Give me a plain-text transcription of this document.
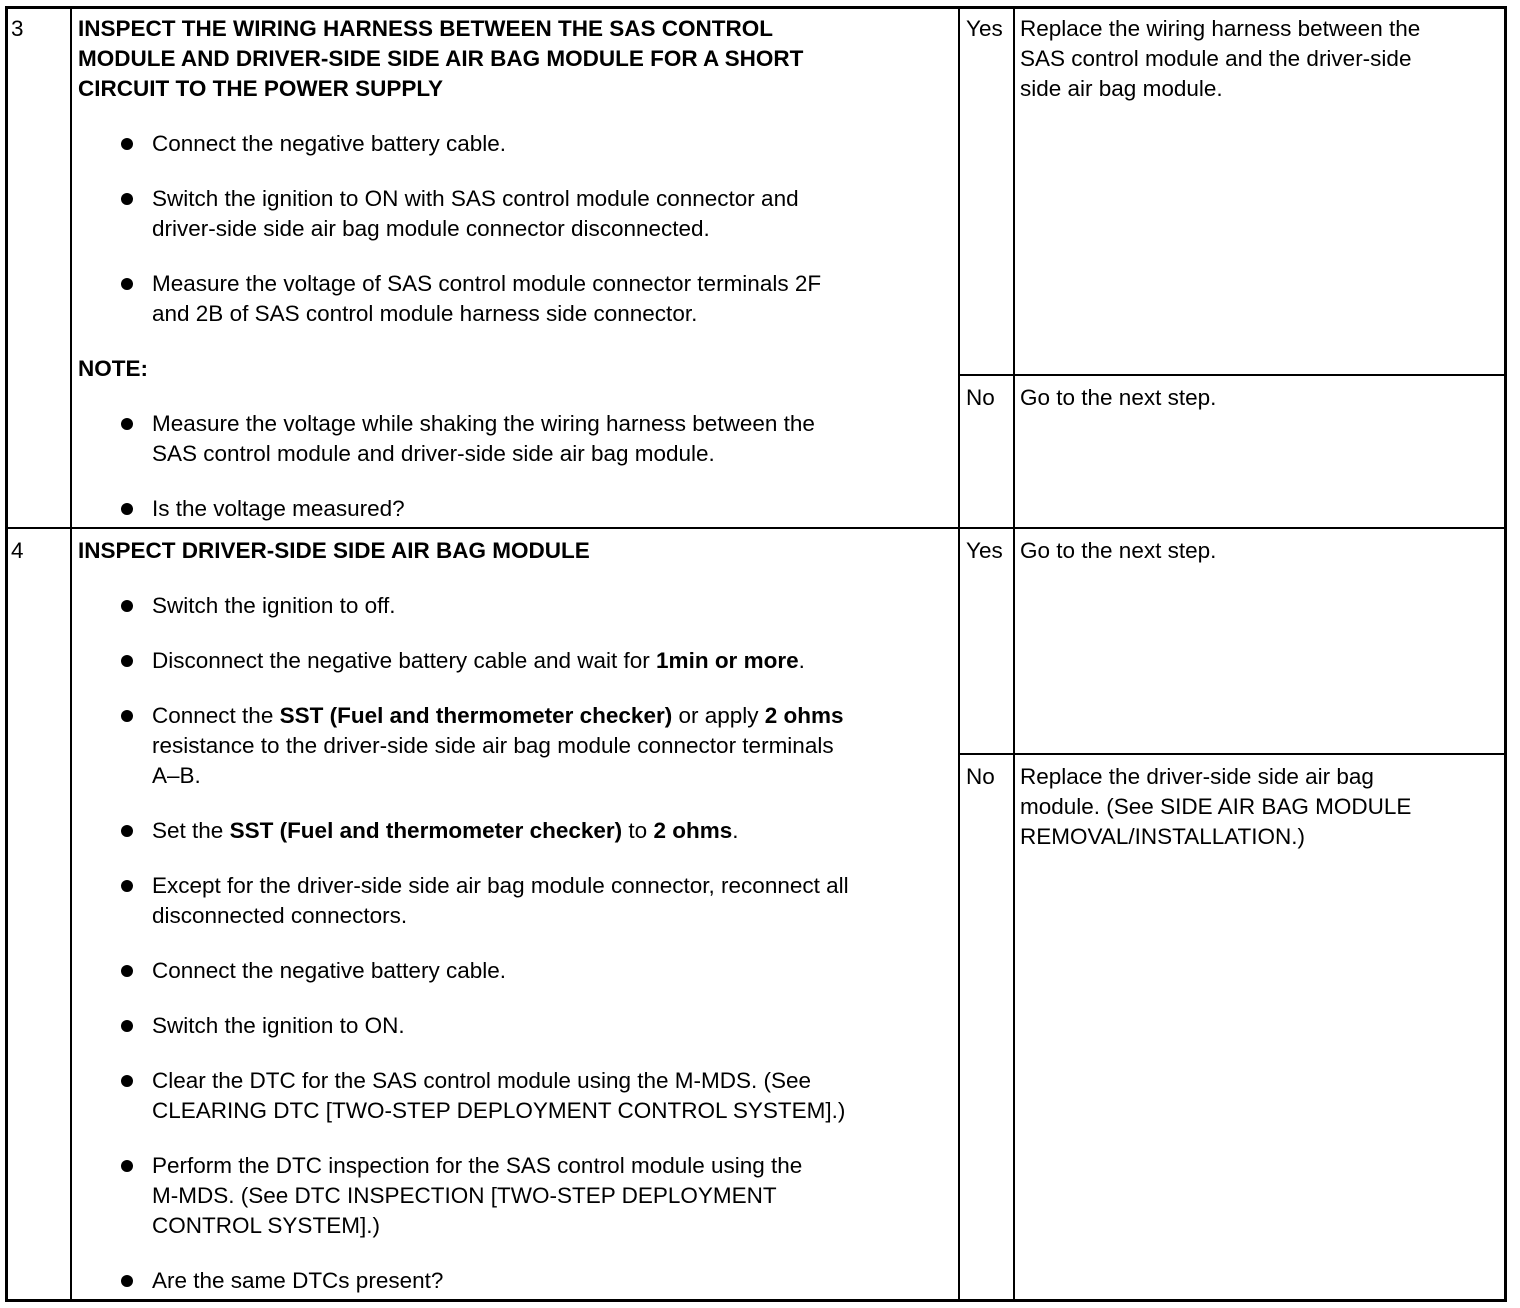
3 INSPECT THE WIRING HARNESS BETWEEN THE SAS CONTROL
MODULE AND DRIVER-SIDE SIDE AIR BAG MODULE FOR A SHORT
CIRCUIT TO THE POWER SUPPLY
Connect the negative battery cable.
Switch the ignition to ON with SAS control module connector and
driver-side side air bag module connector disconnected.
Measure the voltage of SAS control module connector terminals 2F
and 2B of SAS control module harness side connector.
NOTE:
Measure the voltage while shaking the wiring harness between the
SAS control module and driver-side side air bag module.
Is the voltage measured?
Yes Replace the wiring harness between the
SAS control module and the driver-side
side air bag module.
No Go to the next step.
4 INSPECT DRIVER-SIDE SIDE AIR BAG MODULE
Switch the ignition to off.
Disconnect the negative battery cable and wait for 1min or more.
Connect the SST (Fuel and thermometer checker) or apply 2 ohms
resistance to the driver-side side air bag module connector terminals
A–B.
Set the SST (Fuel and thermometer checker) to 2 ohms.
Except for the driver-side side air bag module connector, reconnect all
disconnected connectors.
Connect the negative battery cable.
Switch the ignition to ON.
Clear the DTC for the SAS control module using the M-MDS. (See
CLEARING DTC [TWO-STEP DEPLOYMENT CONTROL SYSTEM].)
Perform the DTC inspection for the SAS control module using the
M-MDS. (See DTC INSPECTION [TWO-STEP DEPLOYMENT
CONTROL SYSTEM].)
Are the same DTCs present?
Yes Go to the next step.
No Replace the driver-side side air bag
module. (See SIDE AIR BAG MODULE
REMOVAL/INSTALLATION.)
